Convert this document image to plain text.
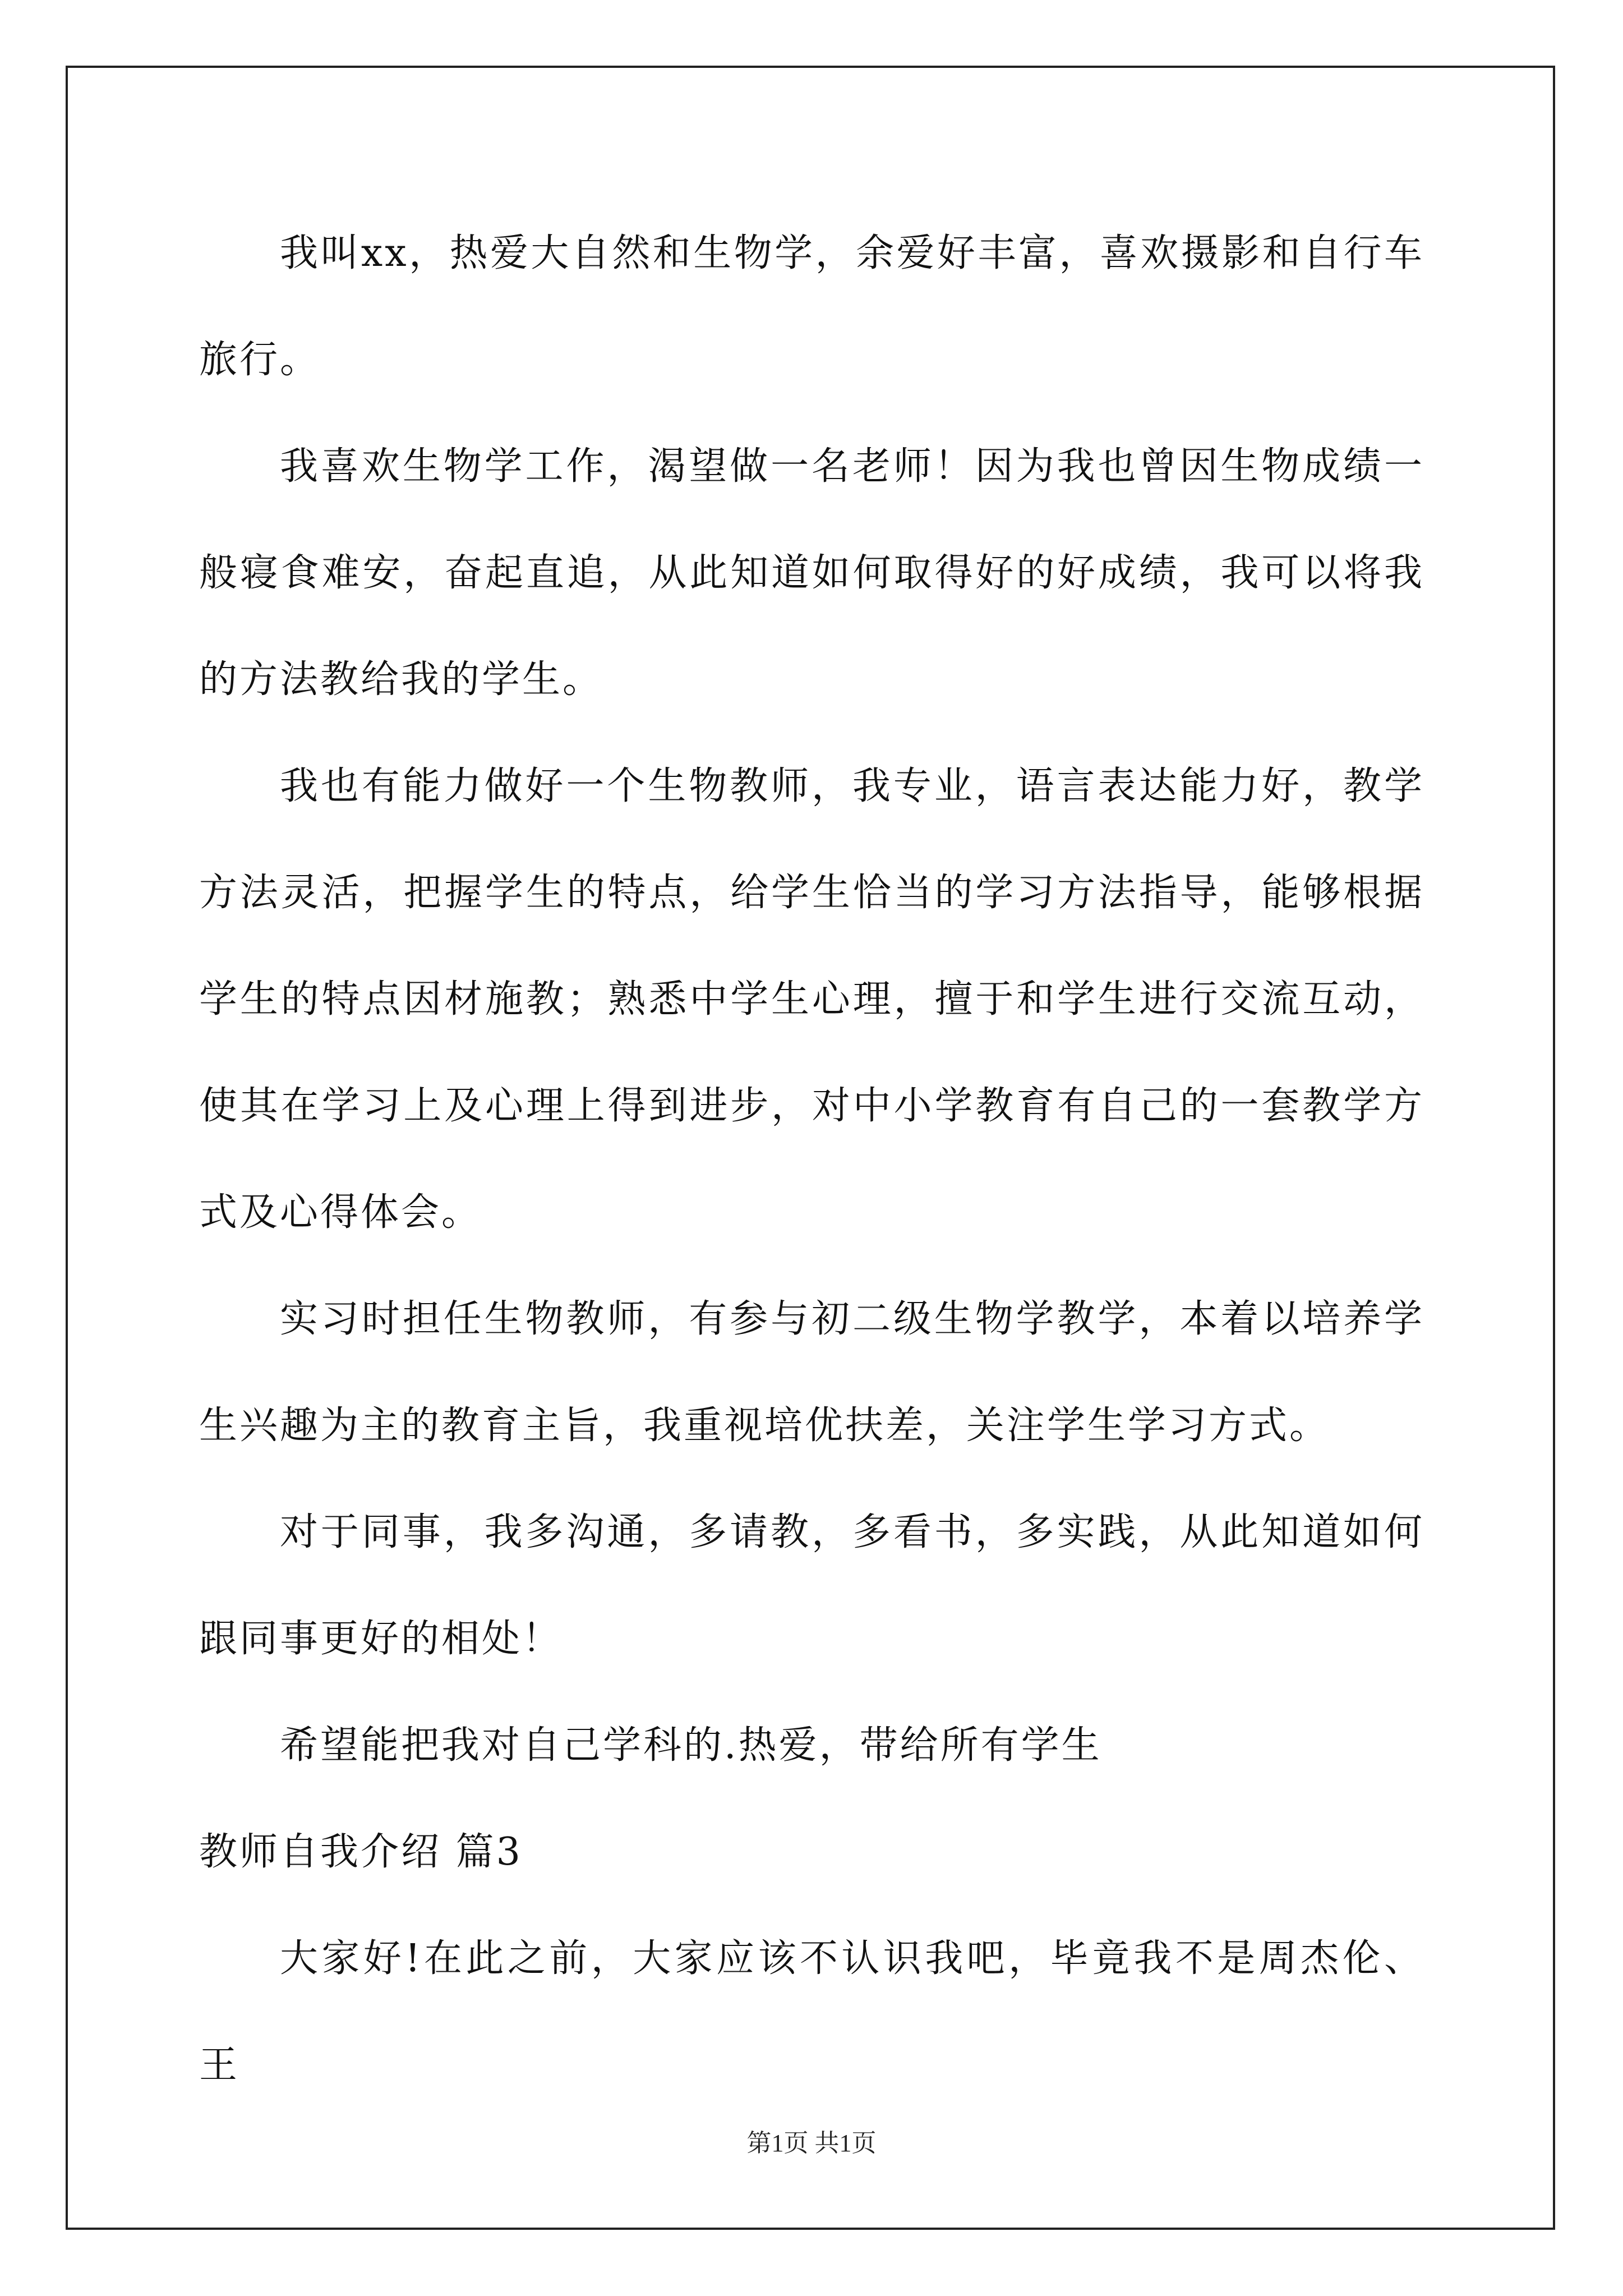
我叫xx，热爱大自然和生物学，余爱好丰富，喜欢摄影和自行车旅行。

我喜欢生物学工作，渴望做一名老师！因为我也曾因生物成绩一般寝食难安，奋起直追，从此知道如何取得好的好成绩，我可以将我的方法教给我的学生。

我也有能力做好一个生物教师，我专业，语言表达能力好，教学方法灵活，把握学生的特点，给学生恰当的学习方法指导，能够根据学生的特点因材施教；熟悉中学生心理，擅于和学生进行交流互动，使其在学习上及心理上得到进步，对中小学教育有自己的一套教学方式及心得体会。

实习时担任生物教师，有参与初二级生物学教学，本着以培养学生兴趣为主的教育主旨，我重视培优扶差，关注学生学习方式。

对于同事，我多沟通，多请教，多看书，多实践，从此知道如何跟同事更好的相处！

希望能把我对自己学科的.热爱，带给所有学生

教师自我介绍 篇3

大家好!在此之前，大家应该不认识我吧，毕竟我不是周杰伦、王

第1页 共1页
